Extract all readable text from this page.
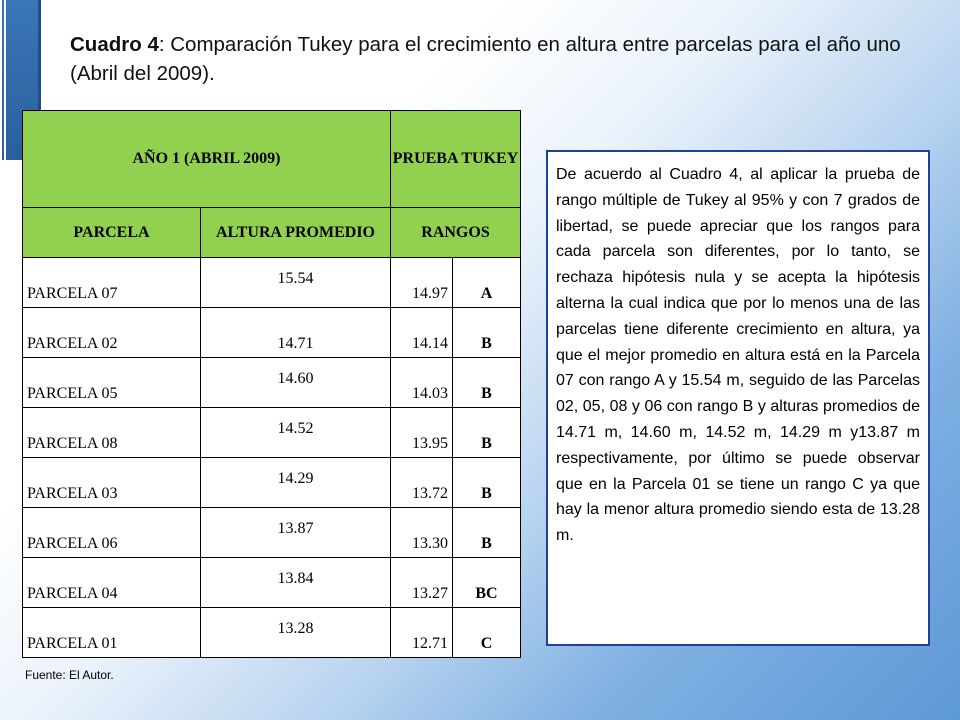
Cuadro 4: Comparación Tukey para el crecimiento en altura entre parcelas para el año uno (Abril del 2009).
AÑO 1 (ABRIL 2009)		PRUEBA TUKEY	
PARCELA	ALTURA PROMEDIO	RANGOS	
PARCELA 07	15.54	14.97	A
PARCELA 02	14.71	14.14	B
PARCELA 05	14.60	14.03	B
PARCELA 08	14.52	13.95	B
PARCELA 03	14.29	13.72	B
PARCELA 06	13.87	13.30	B
PARCELA 04	13.84	13.27	BC
PARCELA 01	13.28	12.71	C
Fuente: El Autor.
De acuerdo al Cuadro 4, al aplicar la prueba de rango múltiple de Tukey al 95% y con 7 grados de libertad, se puede apreciar que los rangos para cada parcela son diferentes, por lo tanto, se rechaza hipótesis nula y se acepta la hipótesis alterna la cual indica que por lo menos una de las parcelas tiene diferente crecimiento en altura, ya que el mejor promedio en altura está en la Parcela 07 con rango A y 15.54 m, seguido de las Parcelas 02, 05, 08 y 06 con rango B y alturas promedios de 14.71 m, 14.60 m, 14.52 m, 14.29 m y13.87 m respectivamente, por último se puede observar que en la Parcela 01 se tiene un rango C ya que hay la menor altura promedio siendo esta de 13.28 m.
